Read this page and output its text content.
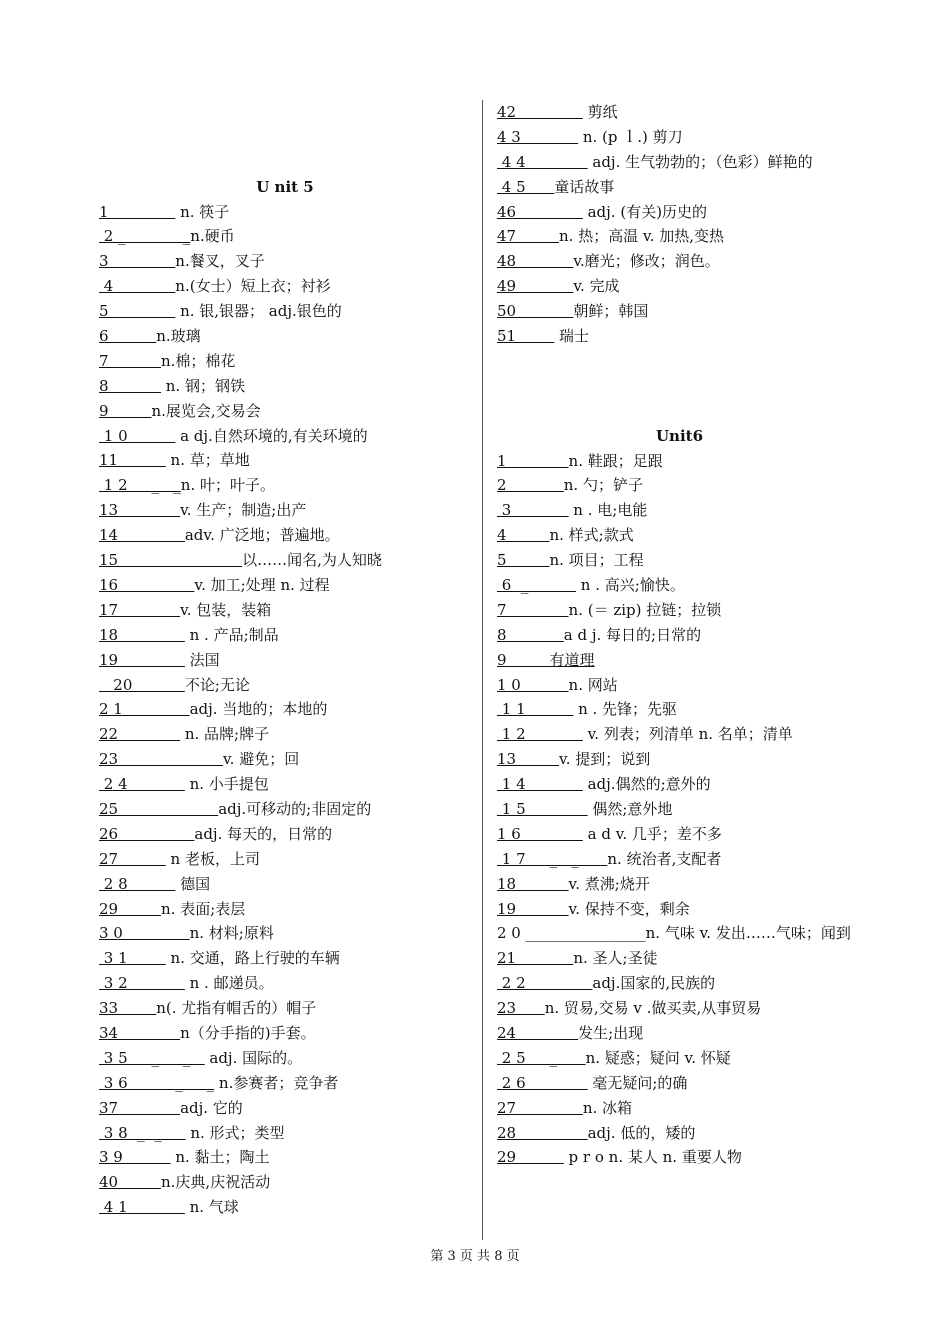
U nit 5
1               n. 筷子
2 _            _n.硬币
3              n.餐叉，叉子
4             n.(女士）短上衣；衬衫
5               n. 银,银器； adj.银色的
6          n.玻璃
7           n.棉；棉花
8            n. 钢；钢铁
9         n.展览会,交易会
1 0           a dj.自然环境的,有关环境的
11           n. 草；草地
1 2     _   _n. 叶；叶子。
13             v. 生产；制造;出产
14              adv. 广泛地；普遍地。
15                          以……闻名,为人知晓
16                v. 加工;处理 n. 过程
17             v. 包装，装箱
18               n . 产品;制品
19               法国
20           不论;无论
2 1              adj. 当地的；本地的
22              n. 品牌;牌子
23                      v. 避免；回
2 4             n. 小手提包
25                     adj.可移动的;非固定的
26                adj. 每天的，日常的
27           n 老板，上司
2 8           德国
29         n. 表面;表层
3 0              n. 材料;原料
3 1         n. 交通，路上行驶的车辆
3 2             n . 邮递员。
33        n(. 尤指有帽舌的）帽子
34             n（分手指的)手套。
3 5     _     _    adj. 国际的。
3 6          _     _ n.参赛者；竞争者
37             adj. 它的
3 8  _  _      n. 形式；类型
3 9           n. 黏土；陶土
40         n.庆典,庆祝活动
4 1             n. 气球
42               剪纸
4 3             n. (p ｌ.) 剪刀
4 4              adj. 生气勃勃的；（色彩）鲜艳的
4 5      童话故事
46               adj. (有关)历史的
47         n. 热；高温 v. 加热,变热
48            v.磨光；修改；润色。
49            v. 完成
50            朝鲜；韩国
51         瑞士
Unit6
1             n. 鞋跟；足跟
2            n. 勺；铲子
3             n . 电;电能
4         n. 样式;款式
5         n. 项目；工程
6  _           n . 高兴;愉快。
7             n. (＝ zip) 拉链；拉锁
8            a d j. 每日的;日常的
9         有道理
1 0          n. 网站
1 1           n . 先锋；先驱
1 2             v. 列表；列清单 n. 名单；清单
13         v. 提到；说到
1 4             adj.偶然的;意外的
1 5              偶然;意外地
1 6              a d v. 几乎；差不多
1 7     _   _      n. 统治者,支配者
18           v. 煮沸;烧开
19           v. 保持不变，剩余
2 0 ________________n. 气味 v. 发出……气味；闻到
21            n. 圣人;圣徒
2 2              adj.国家的,民族的
23      n. 贸易,交易 v .做买卖,从事贸易
24             发生;出现
2 5     _      n. 疑惑；疑问 v. 怀疑
2 6              毫无疑问;的确
27              n. 冰箱
28               adj. 低的，矮的
29           p r o n. 某人 n. 重要人物
第 3 页 共 8 页
